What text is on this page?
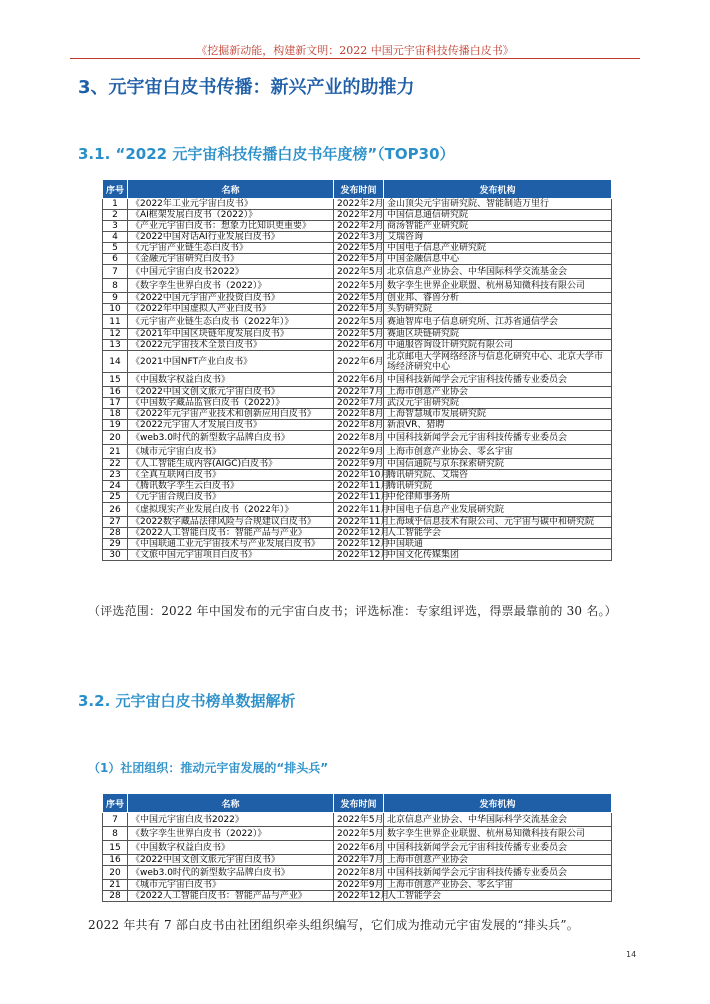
《挖掘新动能，构建新文明：2022 中国元宇宙科技传播白皮书》
3、元宇宙白皮书传播：新兴产业的助推力
3.1. “2022 元宇宙科技传播白皮书年度榜”（TOP30）
序号	名称	发布时间	发布机构
1	《2022年工业元宇宙白皮书》	2022年2月	金山顶尖元宇宙研究院、智能制造万里行
2	《AI框架发展白皮书（2022）》	2022年2月	中国信息通信研究院
3	《产业元宇宙白皮书：想象力比知识更重要》	2022年2月	商汤智能产业研究院
4	《2022中国对话AI行业发展白皮书》	2022年3月	艾瑞咨询
5	《元宇宙产业链生态白皮书》	2022年5月	中国电子信息产业研究院
6	《金融元宇宙研究白皮书》	2022年5月	中国金融信息中心
7	《中国元宇宙白皮书2022》	2022年5月	北京信息产业协会、中华国际科学交流基金会
8	《数字孪生世界白皮书（2022）》	2022年5月	数字孪生世界企业联盟、杭州易知微科技有限公司
9	《2022中国元宇宙产业投资白皮书》	2022年5月	创业邦、睿兽分析
10	《2022年中国虚拟人产业白皮书》	2022年5月	头豹研究院
11	《元宇宙产业链生态白皮书（2022年）》	2022年5月	赛迪智库电子信息研究所、江苏省通信学会
12	《2021年中国区块链年度发展白皮书》	2022年5月	赛迪区块链研究院
13	《2022元宇宙技术全景白皮书》	2022年6月	中通服咨询设计研究院有限公司
14	《2021中国NFT产业白皮书》	2022年6月	北京邮电大学网络经济与信息化研究中心、北京大学市场经济研究中心
15	《中国数字权益白皮书》	2022年6月	中国科技新闻学会元宇宙科技传播专业委员会
16	《2022中国文创文旅元宇宙白皮书》	2022年7月	上海市创意产业协会
17	《中国数字藏品监管白皮书（2022）》	2022年7月	武汉元宇宙研究院
18	《2022年元宇宙产业技术和创新应用白皮书》	2022年8月	上海智慧城市发展研究院
19	《2022元宇宙人才发展白皮书》	2022年8月	新浪VR、猎聘
20	《web3.0时代的新型数字品牌白皮书》	2022年8月	中国科技新闻学会元宇宙科技传播专业委员会
21	《城市元宇宙白皮书》	2022年9月	上海市创意产业协会、零幺宇宙
22	《人工智能生成内容(AIGC)白皮书》	2022年9月	中国信通院与京东探索研究院
23	《全真互联网白皮书》	2022年10月	腾讯研究院、艾瑞咨
24	《腾讯数字孪生云白皮书》	2022年11月	腾讯研究院
25	《元宇宙合规白皮书》	2022年11月	中伦律师事务所
26	《虚拟现实产业发展白皮书（2022年）》	2022年11月	中国电子信息产业发展研究院
27	《2022数字藏品法律风险与合规建议白皮书》	2022年11月	上海域乎信息技术有限公司、元宇宙与碳中和研究院
28	《2022人工智能白皮书：智能产品与产业》	2022年12月	人工智能学会
29	《中国联通工业元宇宙技术与产业发展白皮书》	2022年12月	中国联通
30	《文旅中国元宇宙项目白皮书》	2022年12月	中国文化传媒集团
（评选范围：2022 年中国发布的元宇宙白皮书；评选标准：专家组评选，得票最靠前的 30 名。）
3.2. 元宇宙白皮书榜单数据解析
（1）社团组织：推动元宇宙发展的“排头兵”
序号	名称	发布时间	发布机构
7	《中国元宇宙白皮书2022》	2022年5月	北京信息产业协会、中华国际科学交流基金会
8	《数字孪生世界白皮书（2022）》	2022年5月	数字孪生世界企业联盟、杭州易知微科技有限公司
15	《中国数字权益白皮书》	2022年6月	中国科技新闻学会元宇宙科技传播专业委员会
16	《2022中国文创文旅元宇宙白皮书》	2022年7月	上海市创意产业协会
20	《web3.0时代的新型数字品牌白皮书》	2022年8月	中国科技新闻学会元宇宙科技传播专业委员会
21	《城市元宇宙白皮书》	2022年9月	上海市创意产业协会、零幺宇宙
28	《2022人工智能白皮书：智能产品与产业》	2022年12月	人工智能学会
2022 年共有 7 部白皮书由社团组织牵头组织编写，它们成为推动元宇宙发展的“排头兵”。
14
